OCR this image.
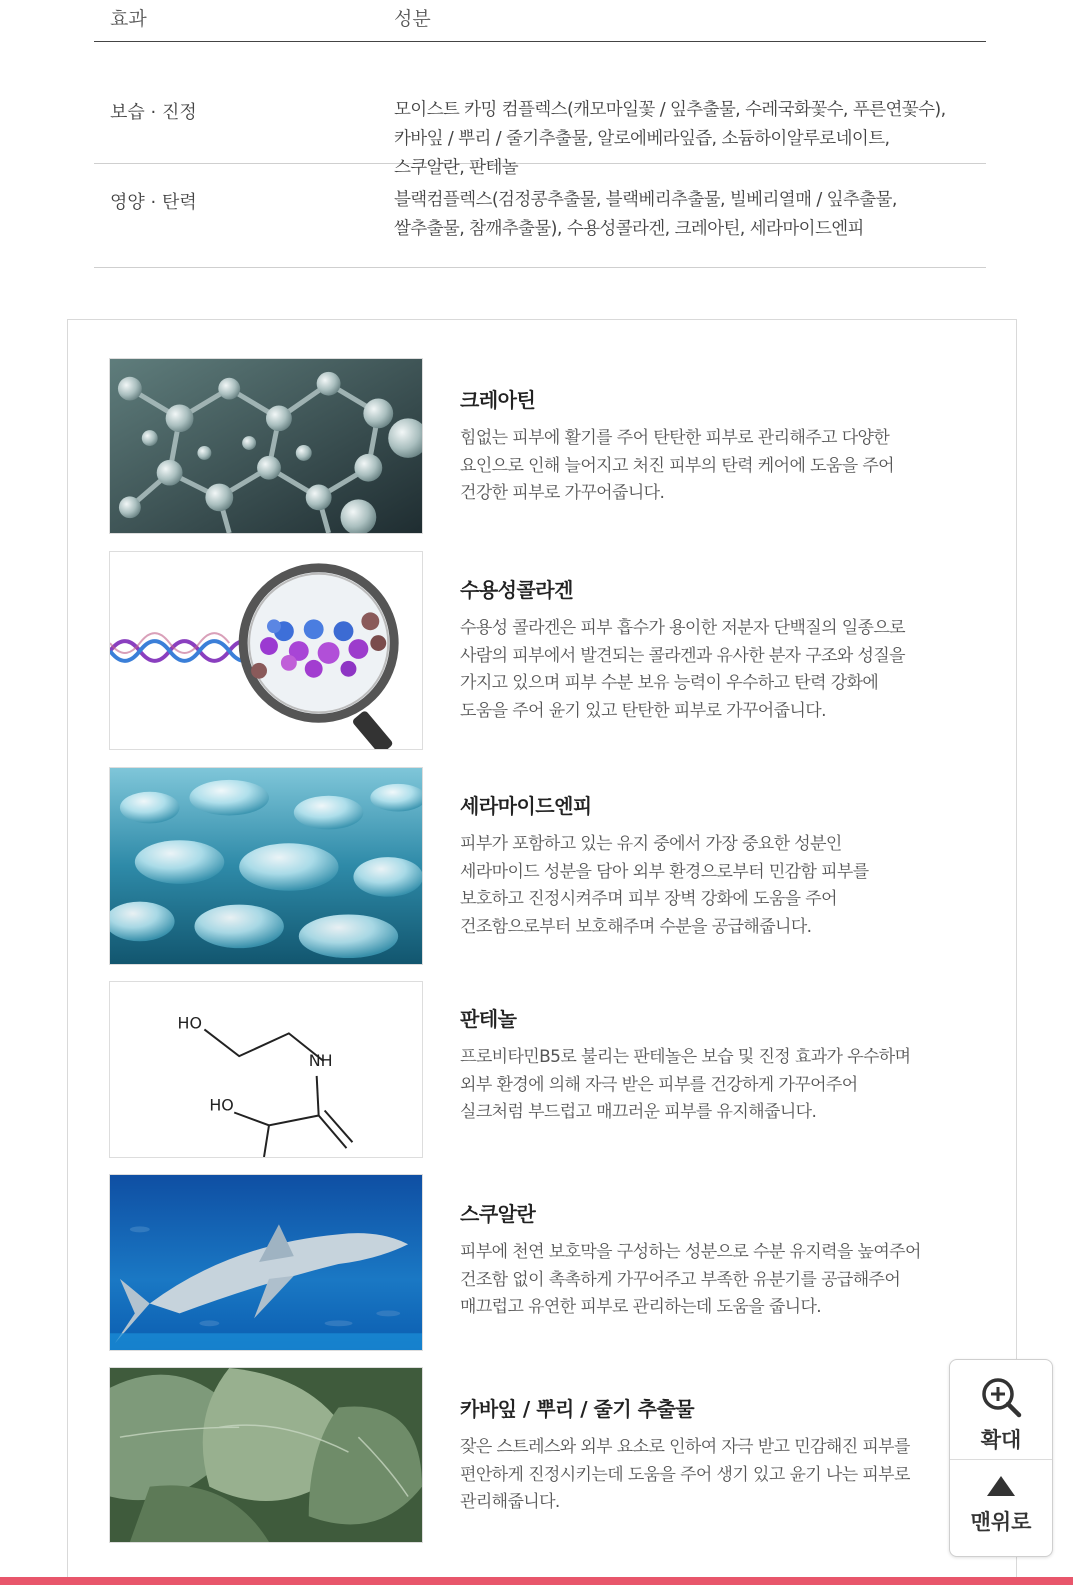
효과	성분
보습 · 진정	모이스트 카밍 컴플렉스(캐모마일꽃 / 잎추출물, 수레국화꽃수, 푸른연꽃수),
카바잎 / 뿌리 / 줄기추출물, 알로에베라잎즙, 소듐하이알루로네이트,
스쿠알란, 판테놀
영양 · 탄력	블랙컴플렉스(검정콩추출물, 블랙베리추출물, 빌베리열매 / 잎추출물,
쌀추출물, 참깨추출물), 수용성콜라겐, 크레아틴, 세라마이드엔피
크레아틴
힘없는 피부에 활기를 주어 탄탄한 피부로 관리해주고 다양한
요인으로 인해 늘어지고 처진 피부의 탄력 케어에 도움을 주어
건강한 피부로 가꾸어줍니다.
수용성콜라겐
수용성 콜라겐은 피부 흡수가 용이한 저분자 단백질의 일종으로
사람의 피부에서 발견되는 콜라겐과 유사한 분자 구조와 성질을
가지고 있으며 피부 수분 보유 능력이 우수하고 탄력 강화에
도움을 주어 윤기 있고 탄탄한 피부로 가꾸어줍니다.
세라마이드엔피
피부가 포함하고 있는 유지 중에서 가장 중요한 성분인
세라마이드 성분을 담아 외부 환경으로부터 민감함 피부를
보호하고 진정시켜주며 피부 장벽 강화에 도움을 주어
건조함으로부터 보호해주며 수분을 공급해줍니다.
HO
NH
HO
판테놀
프로비타민B5로 불리는 판테놀은 보습 및 진정 효과가 우수하며
외부 환경에 의해 자극 받은 피부를 건강하게 가꾸어주어
실크처럼 부드럽고 매끄러운 피부를 유지해줍니다.
스쿠알란
피부에 천연 보호막을 구성하는 성분으로 수분 유지력을 높여주어
건조함 없이 촉촉하게 가꾸어주고 부족한 유분기를 공급해주어
매끄럽고 유연한 피부로 관리하는데 도움을 줍니다.
카바잎 / 뿌리 / 줄기 추출물
잦은 스트레스와 외부 요소로 인하여 자극 받고 민감해진 피부를
편안하게 진정시키는데 도움을 주어 생기 있고 윤기 나는 피부로
관리해줍니다.
확대
맨위로
